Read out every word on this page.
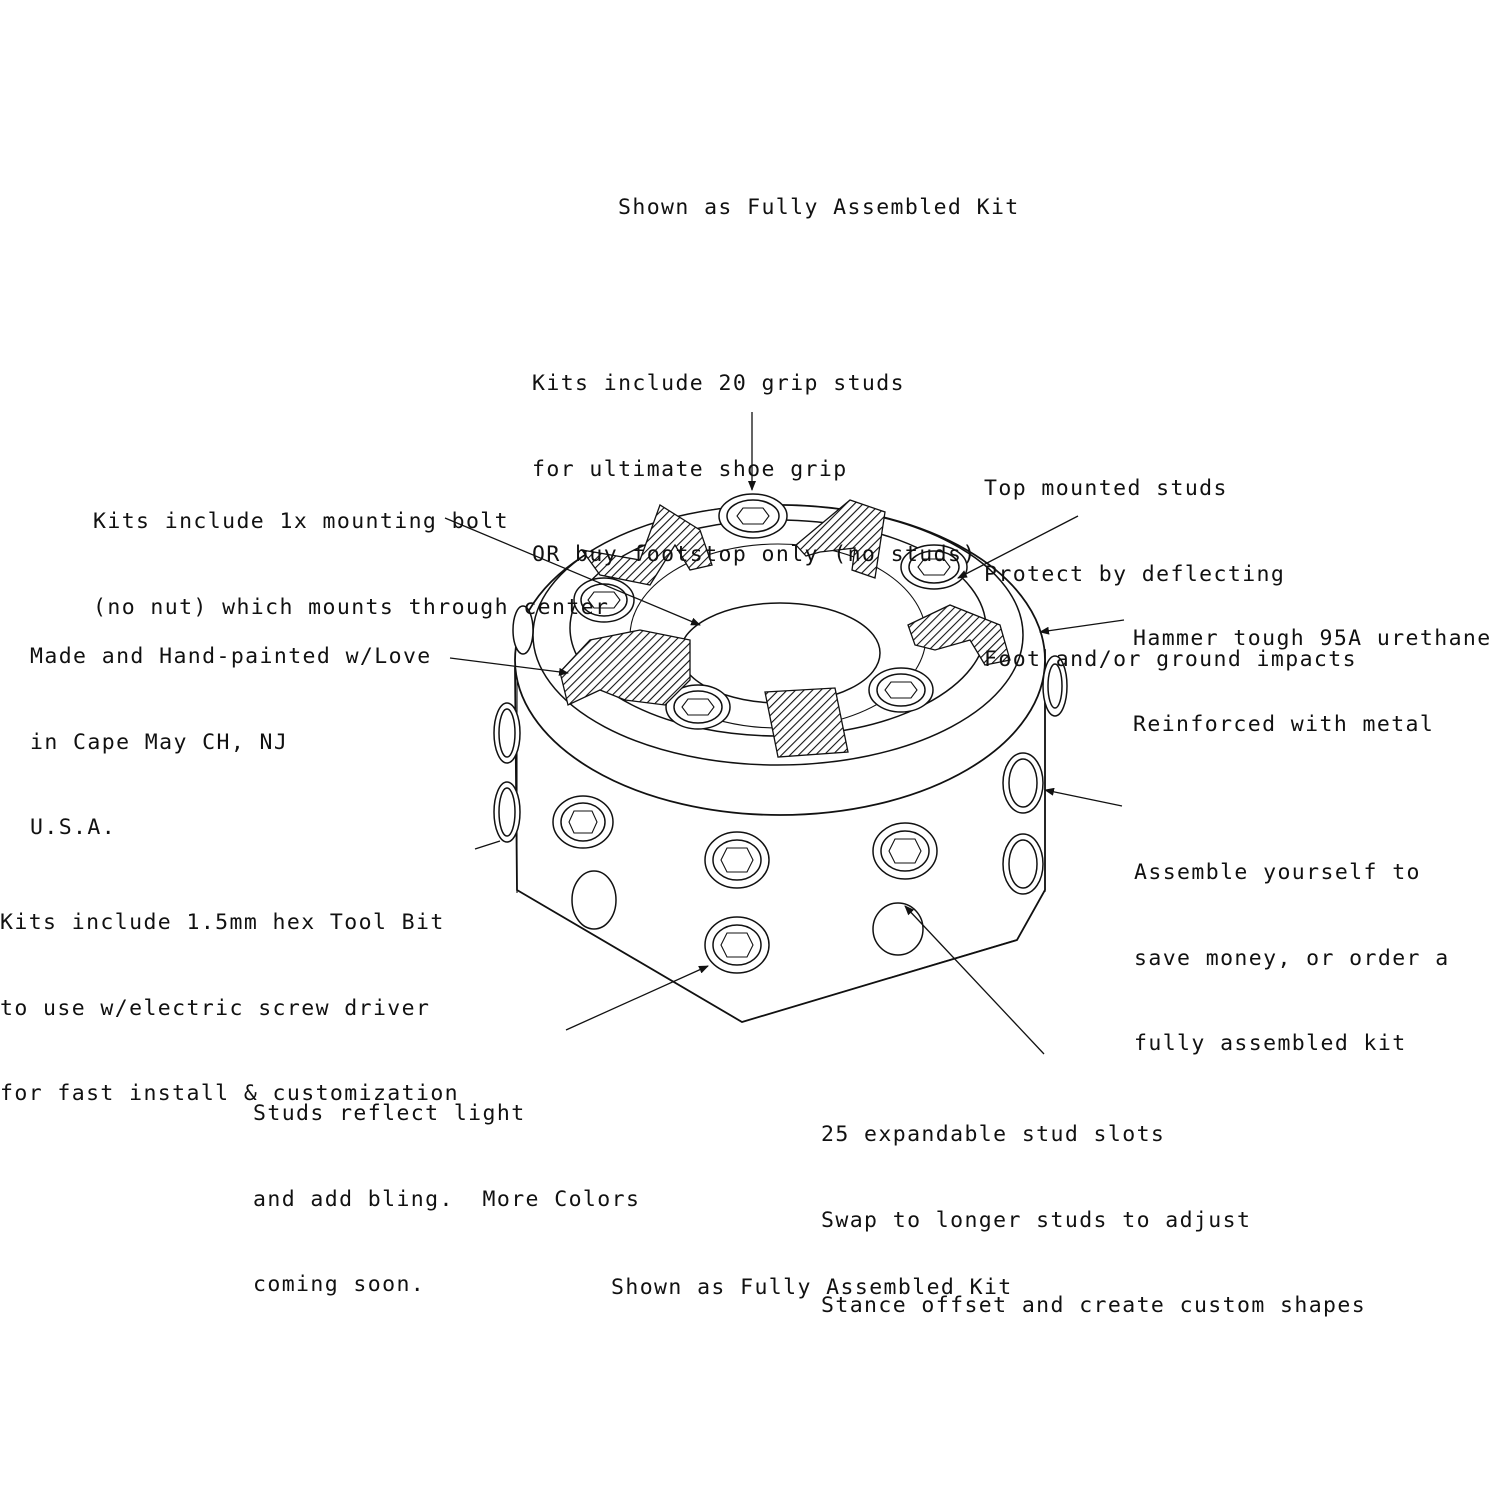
Shown as Fully Assembled Kit

Kits include 20 grip studs

for ultimate shoe grip

OR buy footstop only (no studs)

Top mounted studs

Protect by deflecting

Foot and/or ground impacts

Kits include 1x mounting bolt

(no nut) which mounts through center

Hammer tough 95A urethane

Reinforced with metal

Made and Hand-painted w/Love

in Cape May CH, NJ

U.S.A.

Assemble yourself to

save money, or order a

fully assembled kit

Kits include 1.5mm hex Tool Bit

to use w/electric screw driver

for fast install & customization

Studs reflect light

and add bling.  More Colors

coming soon.

25 expandable stud slots

Swap to longer studs to adjust

Stance offset and create custom shapes

Shown as Fully Assembled Kit
